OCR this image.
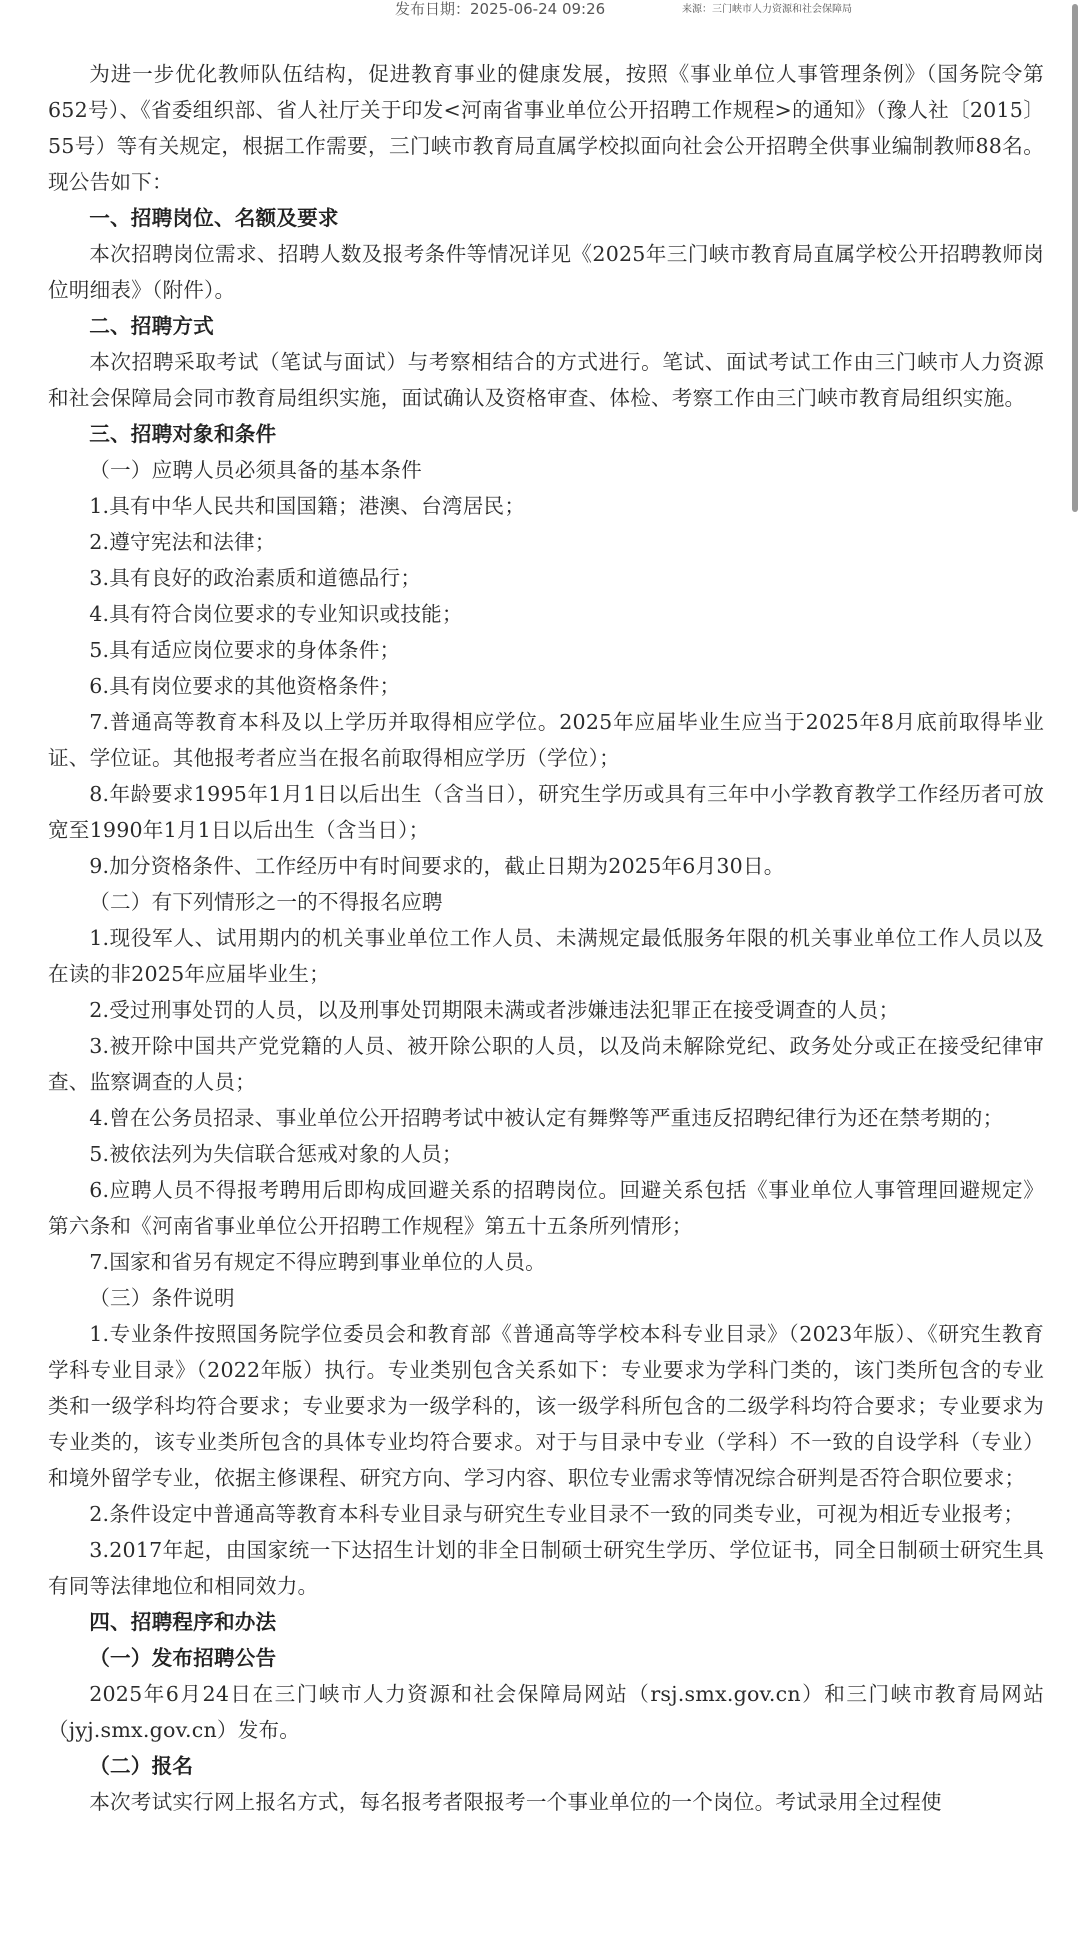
发布日期：2025-06-24 09:26	来源：三门峡市人力资源和社会保障局

为进一步优化教师队伍结构，促进教育事业的健康发展，按照《事业单位人事管理条例》（国务院令第652号）、《省委组织部、省人社厅关于印发<河南省事业单位公开招聘工作规程>的通知》（豫人社〔2015〕55号）等有关规定，根据工作需要，三门峡市教育局直属学校拟面向社会公开招聘全供事业编制教师88名。现公告如下：

一、招聘岗位、名额及要求

本次招聘岗位需求、招聘人数及报考条件等情况详见《2025年三门峡市教育局直属学校公开招聘教师岗位明细表》（附件）。

二、招聘方式

本次招聘采取考试（笔试与面试）与考察相结合的方式进行。笔试、面试考试工作由三门峡市人力资源和社会保障局会同市教育局组织实施，面试确认及资格审查、体检、考察工作由三门峡市教育局组织实施。

三、招聘对象和条件

（一）应聘人员必须具备的基本条件

1.具有中华人民共和国国籍；港澳、台湾居民；

2.遵守宪法和法律；

3.具有良好的政治素质和道德品行；

4.具有符合岗位要求的专业知识或技能；

5.具有适应岗位要求的身体条件；

6.具有岗位要求的其他资格条件；

7.普通高等教育本科及以上学历并取得相应学位。2025年应届毕业生应当于2025年8月底前取得毕业证、学位证。其他报考者应当在报名前取得相应学历（学位）；

8.年龄要求1995年1月1日以后出生（含当日），研究生学历或具有三年中小学教育教学工作经历者可放宽至1990年1月1日以后出生（含当日）；

9.加分资格条件、工作经历中有时间要求的，截止日期为2025年6月30日。

（二）有下列情形之一的不得报名应聘

1.现役军人、试用期内的机关事业单位工作人员、未满规定最低服务年限的机关事业单位工作人员以及在读的非2025年应届毕业生；

2.受过刑事处罚的人员，以及刑事处罚期限未满或者涉嫌违法犯罪正在接受调查的人员；

3.被开除中国共产党党籍的人员、被开除公职的人员，以及尚未解除党纪、政务处分或正在接受纪律审查、监察调查的人员；

4.曾在公务员招录、事业单位公开招聘考试中被认定有舞弊等严重违反招聘纪律行为还在禁考期的；

5.被依法列为失信联合惩戒对象的人员；

6.应聘人员不得报考聘用后即构成回避关系的招聘岗位。回避关系包括《事业单位人事管理回避规定》第六条和《河南省事业单位公开招聘工作规程》第五十五条所列情形；

7.国家和省另有规定不得应聘到事业单位的人员。

（三）条件说明

1.专业条件按照国务院学位委员会和教育部《普通高等学校本科专业目录》（2023年版）、《研究生教育学科专业目录》（2022年版）执行。专业类别包含关系如下：专业要求为学科门类的，该门类所包含的专业类和一级学科均符合要求；专业要求为一级学科的，该一级学科所包含的二级学科均符合要求；专业要求为专业类的，该专业类所包含的具体专业均符合要求。对于与目录中专业（学科）不一致的自设学科（专业）和境外留学专业，依据主修课程、研究方向、学习内容、职位专业需求等情况综合研判是否符合职位要求；

2.条件设定中普通高等教育本科专业目录与研究生专业目录不一致的同类专业，可视为相近专业报考；

3.2017年起，由国家统一下达招生计划的非全日制硕士研究生学历、学位证书，同全日制硕士研究生具有同等法律地位和相同效力。

四、招聘程序和办法

（一）发布招聘公告

2025年6月24日在三门峡市人力资源和社会保障局网站（rsj.smx.gov.cn）和三门峡市教育局网站（jyj.smx.gov.cn）发布。

（二）报名

本次考试实行网上报名方式，每名报考者限报考一个事业单位的一个岗位。考试录用全过程使
